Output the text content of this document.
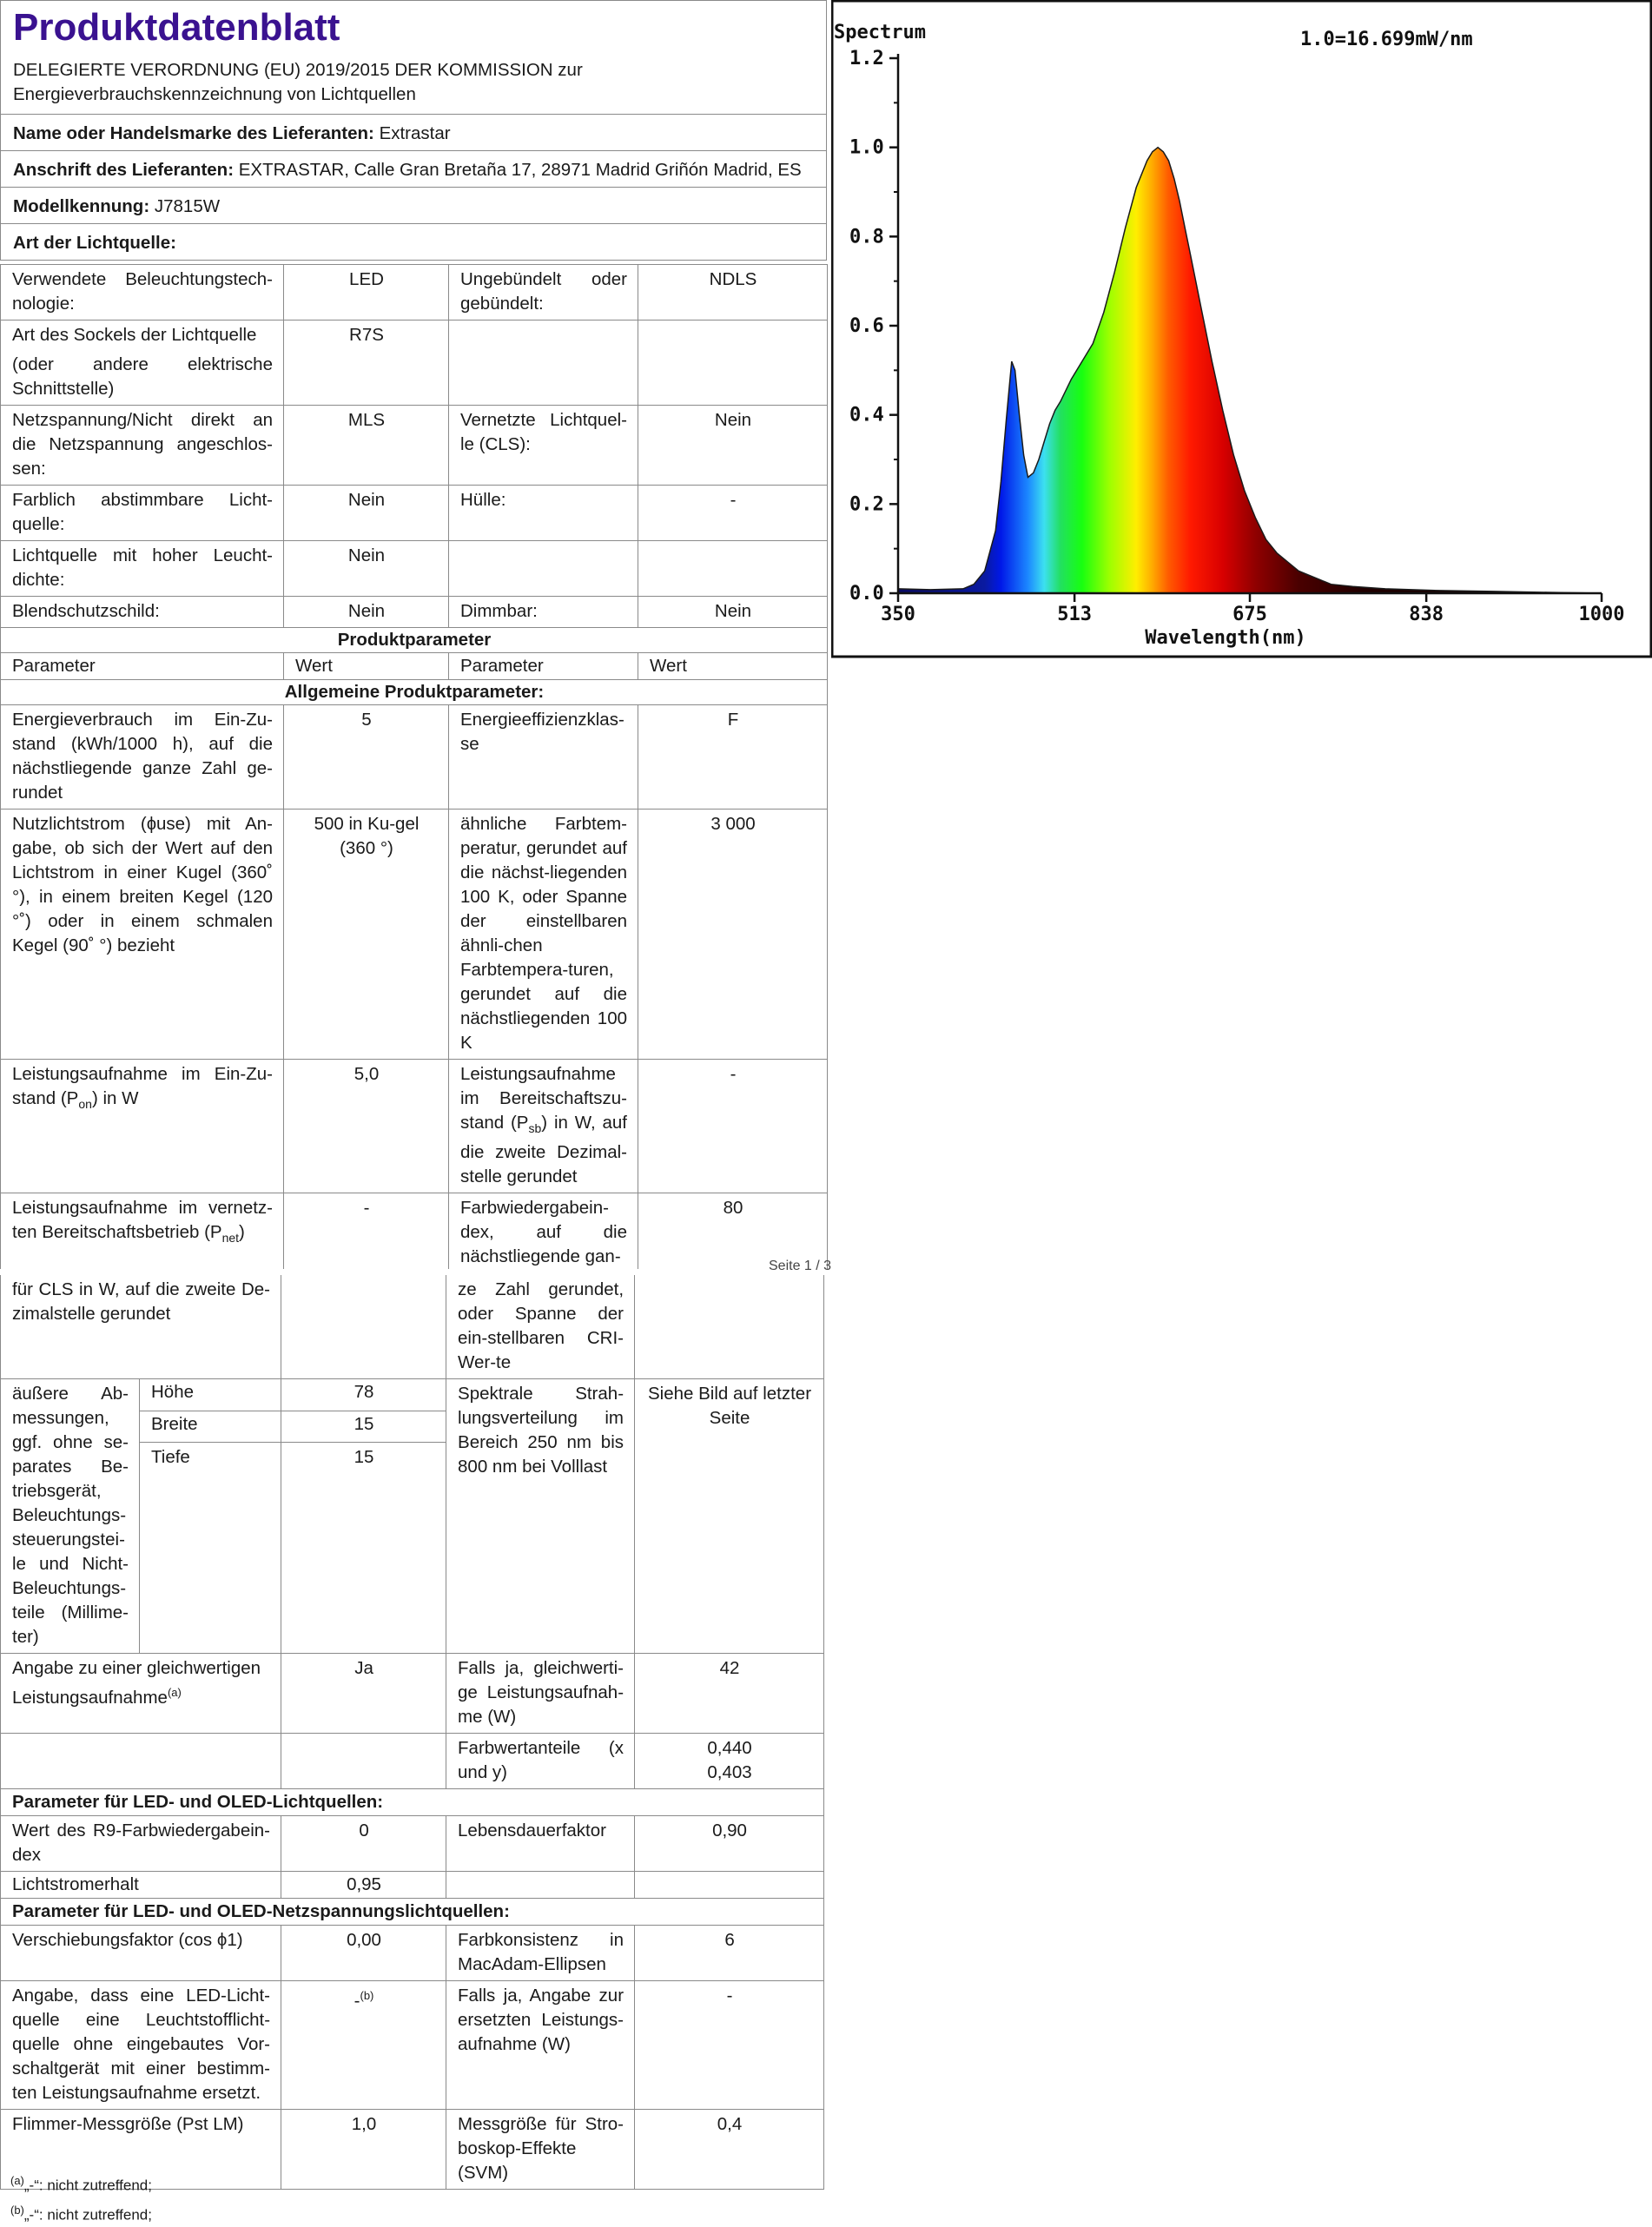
Produktdatenblatt
DELEGIERTE VERORDNUNG (EU) 2019/2015 DER KOMMISSION zur
Energieverbrauchskennzeichnung von Lichtquellen
Name oder Handelsmarke des Lieferanten: Extrastar
Anschrift des Lieferanten: EXTRASTAR, Calle Gran Bretaña 17, 28971 Madrid Griñón Madrid, ES
Modellkennung: J7815W
Art der Lichtquelle:
Verwendete Beleuchtungstech-nologie:	LED	Ungebündelt oder gebündelt:	NDLS

Art des Sockels der Lichtquelle
(oder andere elektrische Schnittstelle)	R7S		
Netzspannung/Nicht direkt an die Netzspannung angeschlos-sen:	MLS	Vernetzte Lichtquel-le (CLS):	Nein
Farblich abstimmbare Licht-quelle:	Nein	Hülle:	-
Lichtquelle mit hoher Leucht-dichte:	Nein		
Blendschutzschild:	Nein	Dimmbar:	Nein
Produktparameter			
Parameter	Wert	Parameter	Wert
Allgemeine Produktparameter:			
Energieverbrauch im Ein-Zu-stand (kWh/1000 h), auf die nächstliegende ganze Zahl ge-rundet	5	Energieeffizienzklas-se	F
Nutzlichtstrom (ɸuse) mit An-gabe, ob sich der Wert auf den Lichtstrom in einer Kugel (360˚ °), in einem breiten Kegel (120 °˚) oder in einem schmalen Kegel (90˚ °) bezieht	500 in Ku-gel (360 °)	ähnliche Farbtem-peratur, gerundet auf die nächst-liegenden 100 K, oder Spanne der einstellbaren ähnli-chen Farbtempera-turen, gerundet auf die nächstliegenden 100 K	3 000
Leistungsaufnahme im Ein-Zu-stand $(P_{on})$ in W	5,0	Leistungsaufnahme im Bereitschaftszu-stand $(P_{sb})$ in W, auf die zweite Dezimal-stelle gerundet	-
Leistungsaufnahme im vernetz-ten Bereitschaftsbetrieb $(P_{net})$	-	Farbwiedergabein-dex, auf die nächstliegende gan-	80
Seite 1 / 3
für CLS in W, auf die zweite De-zimalstelle gerundet			ze Zahl gerundet, oder Spanne der ein-stellbaren CRI-Wer-te	
äußere Ab-messungen, ggf. ohne se-parates Be-triebsgerät, Beleuchtungs-steuerungstei-le und Nicht-Beleuchtungs-teile (Millime-ter)	Höhe	78	Spektrale Strah-lungsverteilung im Bereich 250 nm bis 800 nm bei Volllast	Siehe Bild auf letzter Seite
	Breite	15		
	Tiefe	15		
Angabe zu einer gleichwertigen Leistungsaufnahme$^{(a)}$		Ja	Falls ja, gleichwerti-ge Leistungsaufnah-me (W)	42
			Farbwertanteile (x und y)	0,440
0,403

Parameter für LED- und OLED-Lichtquellen:				
Wert des R9-Farbwiedergabein-dex		0	Lebensdauerfaktor	0,90
Lichtstromerhalt		0,95		
Parameter für LED- und OLED-Netzspannungslichtquellen:				
Verschiebungsfaktor (cos ϕ1)		0,00	Farbkonsistenz in MacAdam-Ellipsen	6
Angabe, dass eine LED-Licht-quelle eine Leuchtstofflicht-quelle ohne eingebautes Vor-schaltgerät mit einer bestimm-ten Leistungsaufnahme ersetzt.		-$^{(b)}$	Falls ja, Angabe zur ersetzten Leistungs-aufnahme (W)	-
Flimmer-Messgröße (Pst LM)		1,0	Messgröße für Stro-boskop-Effekte (SVM)	0,4
$^{(a)}$„-“: nicht zutreffend;
$^{(b)}$„-“: nicht zutreffend;
0.0
0.2
0.4
0.6
0.8
1.0
1.2
350	513	675	838	1000
Spectrum	1.0=16.699mW/nm
Wavelength(nm)
